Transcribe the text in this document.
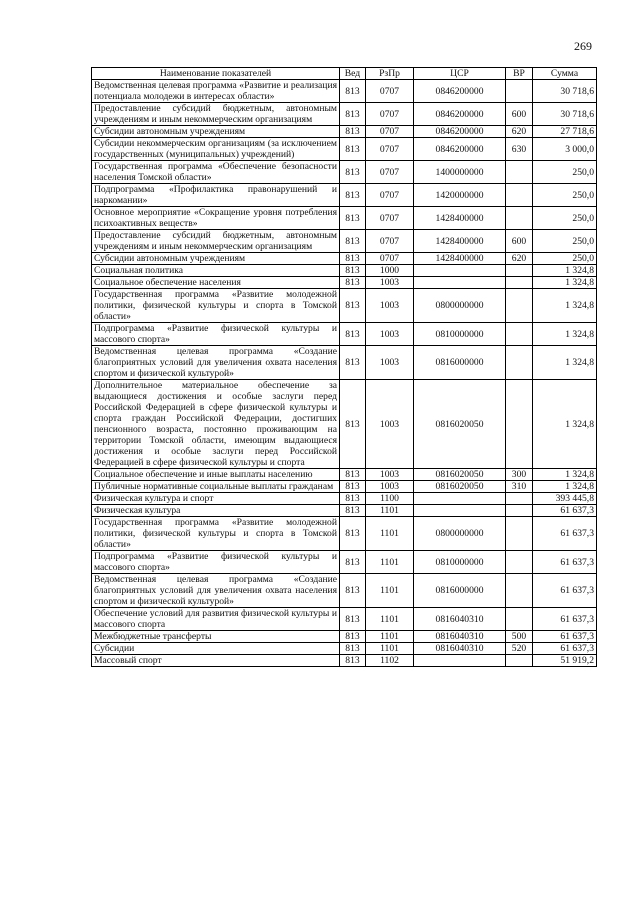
269
Наименование показателей	Вед	РзПр	ЦСР	ВР	Сумма
Ведомственная целевая программа «Развитие и реализация потенциала молодежи в интересах области»	813	0707	0846200000		30 718,6
Предоставление субсидий бюджетным, автономным учреждениям и иным некоммерческим организациям	813	0707	0846200000	600	30 718,6
Субсидии автономным учреждениям	813	0707	0846200000	620	27 718,6
Субсидии некоммерческим организациям (за исключением государственных (муниципальных) учреждений)	813	0707	0846200000	630	3 000,0
Государственная программа «Обеспечение безопасности населения Томской области»	813	0707	1400000000		250,0
Подпрограмма «Профилактика правонарушений и наркомании»	813	0707	1420000000		250,0
Основное мероприятие «Сокращение уровня потребления психоактивных веществ»	813	0707	1428400000		250,0
Предоставление субсидий бюджетным, автономным учреждениям и иным некоммерческим организациям	813	0707	1428400000	600	250,0
Субсидии автономным учреждениям	813	0707	1428400000	620	250,0
Социальная политика	813	1000			1 324,8
Социальное обеспечение населения	813	1003			1 324,8
Государственная программа «Развитие молодежной политики, физической культуры и спорта в Томской области»	813	1003	0800000000		1 324,8
Подпрограмма «Развитие физической культуры и массового спорта»	813	1003	0810000000		1 324,8
Ведомственная целевая программа «Создание благоприятных условий для увеличения охвата населения спортом и физической культурой»	813	1003	0816000000		1 324,8
Дополнительное материальное обеспечение за выдающиеся достижения и особые заслуги перед Российской Федерацией в сфере физической культуры и спорта граждан Российской Федерации, достигших пенсионного возраста, постоянно проживающим на территории Томской области, имеющим выдающиеся достижения и особые заслуги перед Российской Федерацией в сфере физической культуры и спорта	813	1003	0816020050		1 324,8
Социальное обеспечение и иные выплаты населению	813	1003	0816020050	300	1 324,8
Публичные нормативные социальные выплаты гражданам	813	1003	0816020050	310	1 324,8
Физическая культура и спорт	813	1100			393 445,8
Физическая культура	813	1101			61 637,3
Государственная программа «Развитие молодежной политики, физической культуры и спорта в Томской области»	813	1101	0800000000		61 637,3
Подпрограмма «Развитие физической культуры и массового спорта»	813	1101	0810000000		61 637,3
Ведомственная целевая программа «Создание благоприятных условий для увеличения охвата населения спортом и физической культурой»	813	1101	0816000000		61 637,3
Обеспечение условий для развития физической культуры и массового спорта	813	1101	0816040310		61 637,3
Межбюджетные трансферты	813	1101	0816040310	500	61 637,3
Субсидии	813	1101	0816040310	520	61 637,3
Массовый спорт	813	1102			51 919,2
